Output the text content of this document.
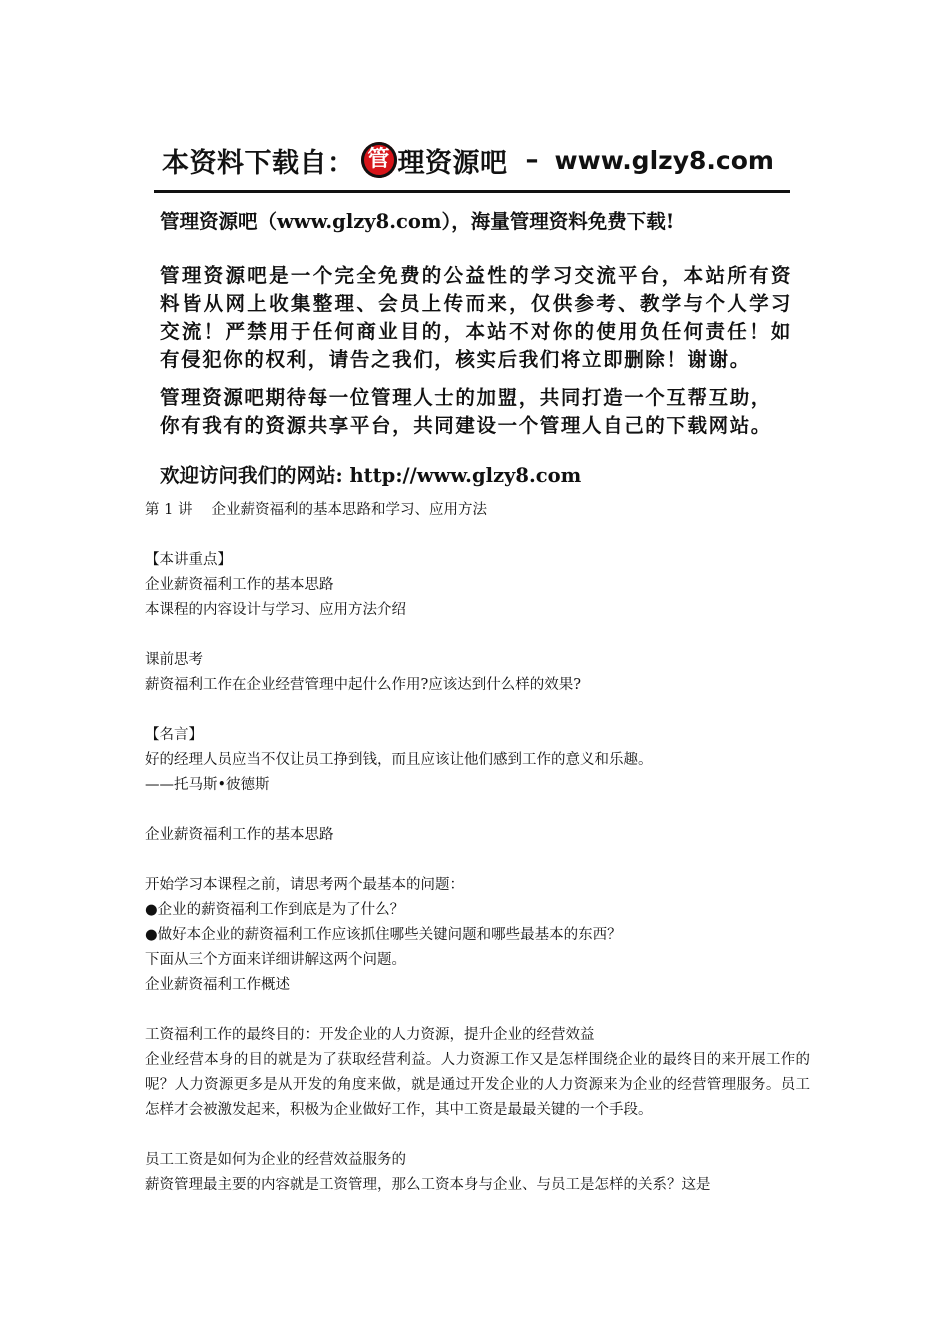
本资料下载自： 管 理资源吧 – www.glzy8.com

管理资源吧（www.glzy8.com），海量管理资料免费下载!

管理资源吧是一个完全免费的公益性的学习交流平台，本站所有资料皆从网上收集整理、会员上传而来，仅供参考、教学与个人学习交流！严禁用于任何商业目的，本站不对你的使用负任何责任！如有侵犯你的权利，请告之我们，核实后我们将立即删除！谢谢。

管理资源吧期待每一位管理人士的加盟，共同打造一个互帮互助，你有我有的资源共享平台，共同建设一个管理人自己的下载网站。

欢迎访问我们的网站: http://www.glzy8.com

第 1 讲 　企业薪资福利的基本思路和学习、应用方法
【本讲重点】
企业薪资福利工作的基本思路
本课程的内容设计与学习、应用方法介绍
课前思考
薪资福利工作在企业经营管理中起什么作用?应该达到什么样的效果?
【名言】
好的经理人员应当不仅让员工挣到钱，而且应该让他们感到工作的意义和乐趣。
——托马斯•彼德斯
企业薪资福利工作的基本思路
开始学习本课程之前，请思考两个最基本的问题：
●企业的薪资福利工作到底是为了什么？
●做好本企业的薪资福利工作应该抓住哪些关键问题和哪些最基本的东西？
下面从三个方面来详细讲解这两个问题。
企业薪资福利工作概述
工资福利工作的最终目的：开发企业的人力资源，提升企业的经营效益
企业经营本身的目的就是为了获取经营利益。人力资源工作又是怎样围绕企业的最终目的来开展工作的呢？人力资源更多是从开发的角度来做，就是通过开发企业的人力资源来为企业的经营管理服务。员工怎样才会被激发起来，积极为企业做好工作，其中工资是最最关键的一个手段。
员工工资是如何为企业的经营效益服务的
薪资管理最主要的内容就是工资管理，那么工资本身与企业、与员工是怎样的关系？这是
